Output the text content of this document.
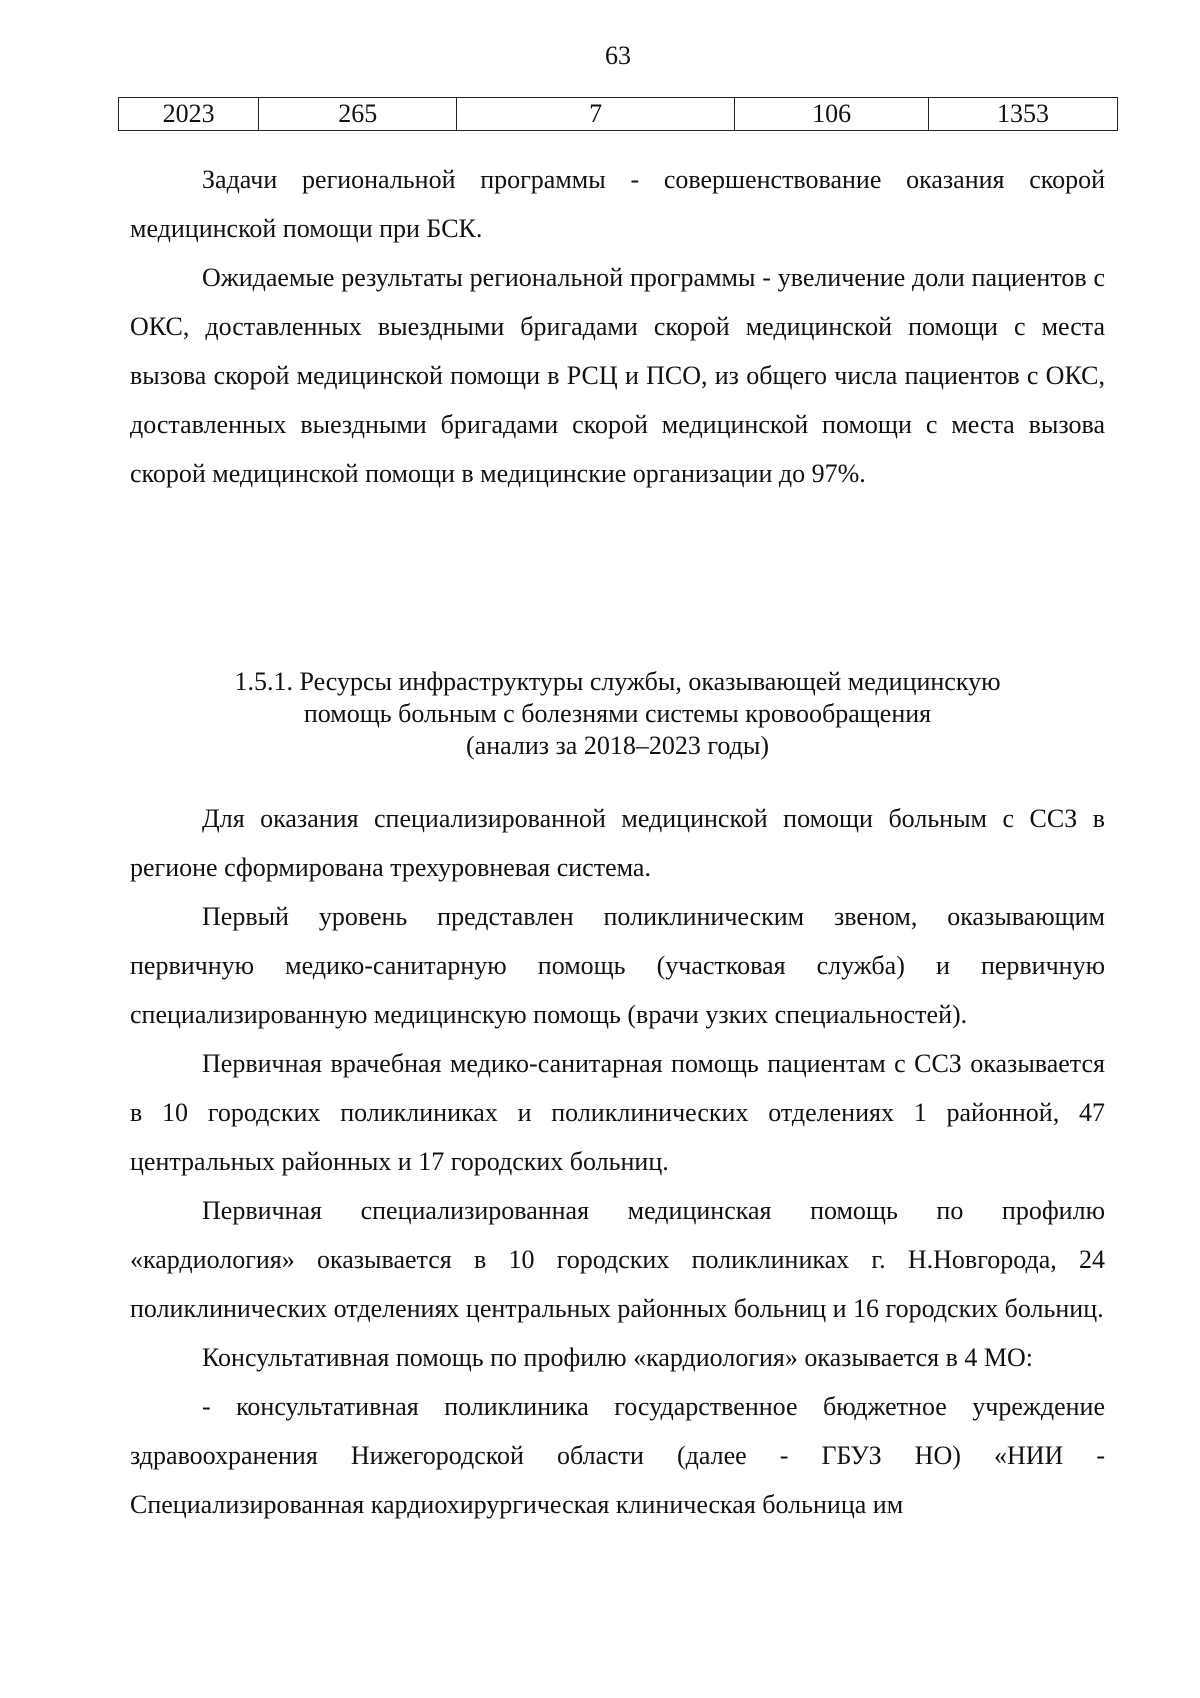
63
2023	265	7	106	1353

Задачи региональной программы - совершенствование оказания скорой медицинской помощи при БСК.

Ожидаемые результаты региональной программы - увеличение доли пациентов с ОКС, доставленных выездными бригадами скорой медицинской помощи с места вызова скорой медицинской помощи в РСЦ и ПСО, из общего числа пациентов с ОКС, доставленных выездными бригадами скорой медицинской помощи с места вызова скорой медицинской помощи в медицинские организации до 97%.

1.5.1. Ресурсы инфраструктуры службы, оказывающей медицинскую
помощь больным с болезнями системы кровообращения
(анализ за 2018–2023 годы)

Для оказания специализированной медицинской помощи больным с ССЗ в регионе сформирована трехуровневая система.

Первый уровень представлен поликлиническим звеном, оказывающим первичную медико-санитарную помощь (участковая служба) и первичную специализированную медицинскую помощь (врачи узких специальностей).

Первичная врачебная медико-санитарная помощь пациентам с ССЗ оказывается в 10 городских поликлиниках и поликлинических отделениях 1 районной, 47 центральных районных и 17 городских больниц.

Первичная специализированная медицинская помощь по профилю «кардиология» оказывается в 10 городских поликлиниках г. Н.Новгорода, 24 поликлинических отделениях центральных районных больниц и 16 городских больниц.

Консультативная помощь по профилю «кардиология» оказывается в 4 МО:

- консультативная поликлиника государственное бюджетное учреждение здравоохранения Нижегородской области (далее - ГБУЗ НО) «НИИ - Специализированная кардиохирургическая клиническая больница им
